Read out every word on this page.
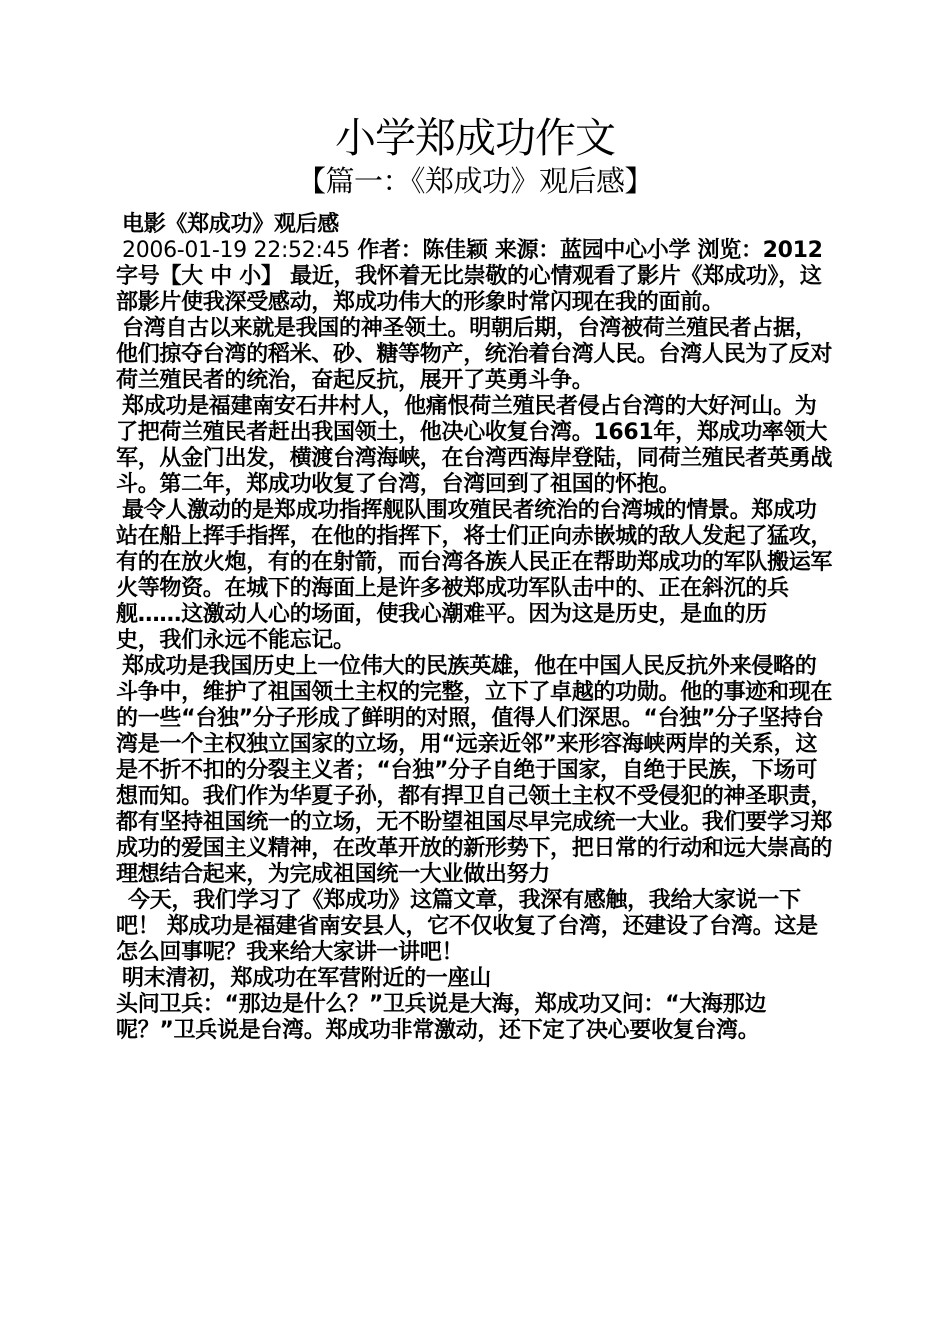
小学郑成功作文
【篇一：《郑成功》观后感】

电影《郑成功》观后感

2006-01-19 22:52:45 作者：陈佳颖 来源：蓝园中心小学 浏览：2012 字号【大 中 小】 最近，我怀着无比崇敬的心情观看了影片《郑成功》，这部影片使我深受感动，郑成功伟大的形象时常闪现在我的面前。

台湾自古以来就是我国的神圣领土。明朝后期，台湾被荷兰殖民者占据，他们掠夺台湾的稻米、砂、糖等物产，统治着台湾人民。台湾人民为了反对荷兰殖民者的统治，奋起反抗，展开了英勇斗争。

郑成功是福建南安石井村人，他痛恨荷兰殖民者侵占台湾的大好河山。为了把荷兰殖民者赶出我国领土，他决心收复台湾。1661年，郑成功率领大军，从金门出发，横渡台湾海峡，在台湾西海岸登陆，同荷兰殖民者英勇战斗。第二年，郑成功收复了台湾，台湾回到了祖国的怀抱。

最令人激动的是郑成功指挥舰队围攻殖民者统治的台湾城的情景。郑成功站在船上挥手指挥，在他的指挥下，将士们正向赤嵌城的敌人发起了猛攻，有的在放火炮，有的在射箭，而台湾各族人民正在帮助郑成功的军队搬运军火等物资。在城下的海面上是许多被郑成功军队击中的、正在斜沉的兵舰……这激动人心的场面，使我心潮难平。因为这是历史，是血的历

史，我们永远不能忘记。

郑成功是我国历史上一位伟大的民族英雄，他在中国人民反抗外来侵略的斗争中，维护了祖国领土主权的完整，立下了卓越的功勋。他的事迹和现在的一些“台独”分子形成了鲜明的对照，值得人们深思。“台独”分子坚持台湾是一个主权独立国家的立场，用“远亲近邻”来形容海峡两岸的关系，这是不折不扣的分裂主义者；“台独”分子自绝于国家，自绝于民族，下场可想而知。我们作为华夏子孙，都有捍卫自己领土主权不受侵犯的神圣职责，都有坚持祖国统一的立场，无不盼望祖国尽早完成统一大业。我们要学习郑成功的爱国主义精神，在改革开放的新形势下，把日常的行动和远大崇高的理想结合起来，为完成祖国统一大业做出努力

今天，我们学习了《郑成功》这篇文章，我深有感触，我给大家说一下吧！ 郑成功是福建省南安县人，它不仅收复了台湾，还建设了台湾。这是怎么回事呢？我来给大家讲一讲吧！

明末清初，郑成功在军营附近的一座山

头问卫兵：“那边是什么？”卫兵说是大海，郑成功又问：“大海那边呢？”卫兵说是台湾。郑成功非常激动，还下定了决心要收复台湾。
